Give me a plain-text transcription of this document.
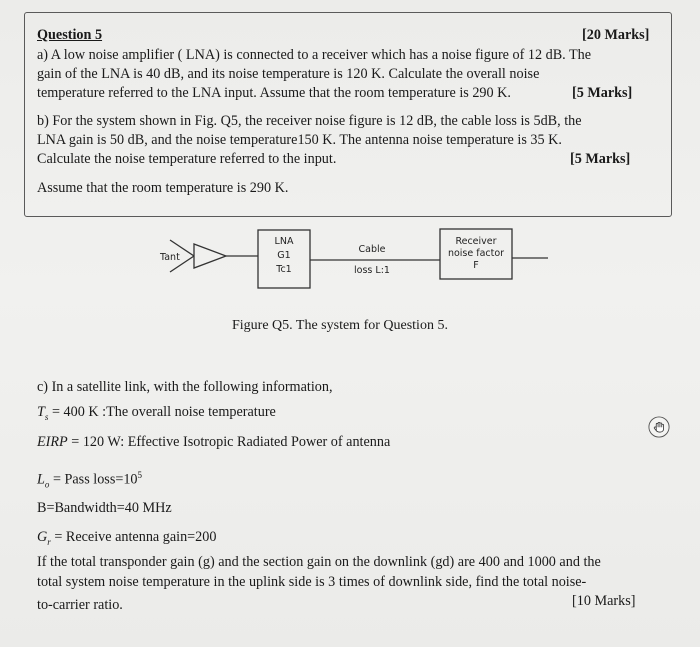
Question 5	[20 Marks]
a) A low noise amplifier ( LNA) is connected to a receiver which has a noise figure of 12 dB. The
gain of the LNA is 40 dB, and its noise temperature is 120 K. Calculate the overall noise
temperature referred to the LNA input. Assume that the room temperature is 290 K.	[5 Marks]
b) For the system shown in Fig. Q5, the receiver noise figure is 12 dB, the cable loss is 5dB, the
LNA gain is 50 dB, and the noise temperature150 K. The antenna noise temperature is 35 K.
Calculate the noise temperature referred to the input.	[5 Marks]
Assume that the room temperature is 290 K.
Tant
LNA
G1
Tc1
Cable
loss L:1
Receiver
noise factor
F
Figure Q5. The system for Question 5.
c) In a satellite link, with the following information,
$T_s = 400$ K :The overall noise temperature
EIRP = 120 W: Effective Isotropic Radiated Power of antenna
$L_o$ = Pass $loss=10^5$
B=Bandwidth=40 MHz
$G_r$ = Receive antenna gain=200
If the total transponder gain (g) and the section gain on the downlink (gd) are 400 and 1000 and the
total system noise temperature in the uplink side is 3 times of downlink side, find the total noise-
to-carrier ratio.	[10 Marks]
